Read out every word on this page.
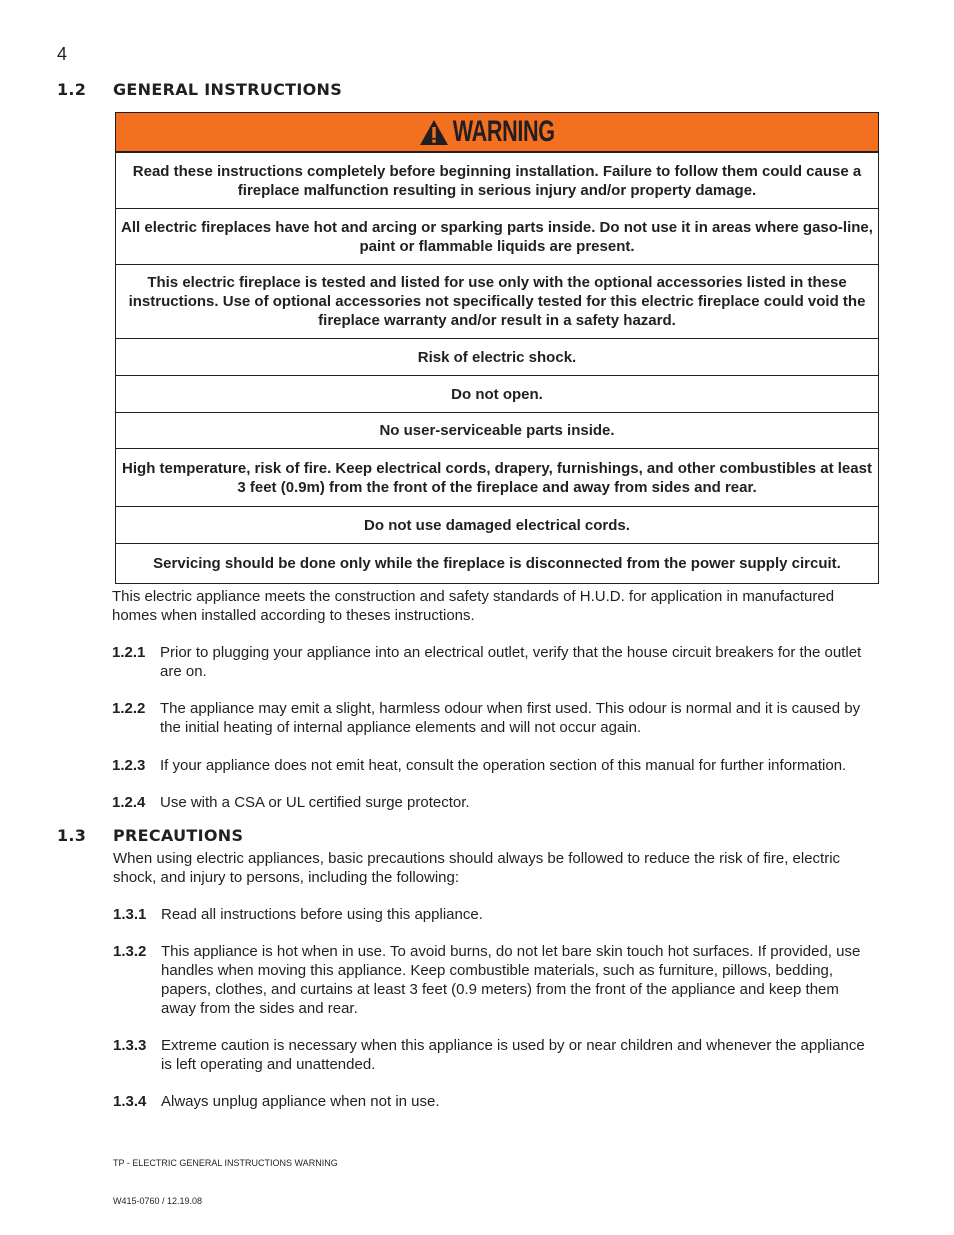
4
1.2 GENERAL INSTRUCTIONS
WARNING
Read these instructions completely before beginning installation. Failure to follow them could cause a fireplace malfunction resulting in serious injury and/or property damage.
All electric fireplaces have hot and arcing or sparking parts inside. Do not use it in areas where gaso-line, paint or flammable liquids are present.
This electric fireplace is tested and listed for use only with the optional accessories listed in these instructions. Use of optional accessories not specifically tested for this electric fireplace could void the fireplace warranty and/or result in a safety hazard.
Risk of electric shock.
Do not open.
No user-serviceable parts inside.
High temperature, risk of fire. Keep electrical cords, drapery, furnishings, and other combustibles at least 3 feet (0.9m) from the front of the fireplace and away from sides and rear.
Do not use damaged electrical cords.
Servicing should be done only while the fireplace is disconnected from the power supply circuit.
This electric appliance meets the construction and safety standards of H.U.D. for application in manufactured homes when installed according to theses instructions.
1.2.1 Prior to plugging your appliance into an electrical outlet, verify that the house circuit breakers for the outlet are on.
1.2.2 The appliance may emit a slight, harmless odour when first used. This odour is normal and it is caused by the initial heating of internal appliance elements and will not occur again.
1.2.3 If your appliance does not emit heat, consult the operation section of this manual for further information.
1.2.4 Use with a CSA or UL certified surge protector.
1.3 PRECAUTIONS
When using electric appliances, basic precautions should always be followed to reduce the risk of fire, electric shock, and injury to persons, including the following:
1.3.1 Read all instructions before using this appliance.
1.3.2 This appliance is hot when in use. To avoid burns, do not let bare skin touch hot surfaces. If provided, use handles when moving this appliance. Keep combustible materials, such as furniture, pillows, bedding, papers, clothes, and curtains at least 3 feet (0.9 meters) from the front of the appliance and keep them away from the sides and rear.
1.3.3 Extreme caution is necessary when this appliance is used by or near children and whenever the appliance is left operating and unattended.
1.3.4 Always unplug appliance when not in use.
TP - ELECTRIC GENERAL INSTRUCTIONS WARNING
W415-0760 / 12.19.08
